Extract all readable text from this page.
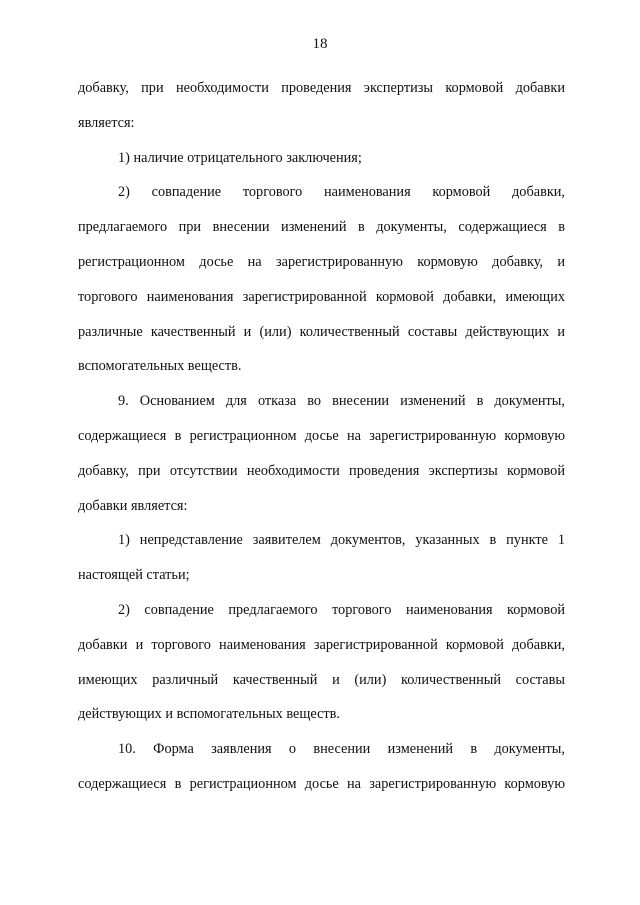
18
добавку, при необходимости проведения экспертизы кормовой добавки
является:
1) наличие отрицательного заключения;
2) совпадение торгового наименования кормовой добавки,
предлагаемого при внесении изменений в документы, содержащиеся в
регистрационном досье на зарегистрированную кормовую добавку, и
торгового наименования зарегистрированной кормовой добавки, имеющих
различные качественный и (или) количественный составы действующих и
вспомогательных веществ.
9. Основанием для отказа во внесении изменений в документы,
содержащиеся в регистрационном досье на зарегистрированную кормовую
добавку, при отсутствии необходимости проведения экспертизы кормовой
добавки является:
1) непредставление заявителем документов, указанных в пункте 1
настоящей статьи;
2) совпадение предлагаемого торгового наименования кормовой
добавки и торгового наименования зарегистрированной кормовой добавки,
имеющих различный качественный и (или) количественный составы
действующих и вспомогательных веществ.
10. Форма заявления о внесении изменений в документы,
содержащиеся в регистрационном досье на зарегистрированную кормовую
